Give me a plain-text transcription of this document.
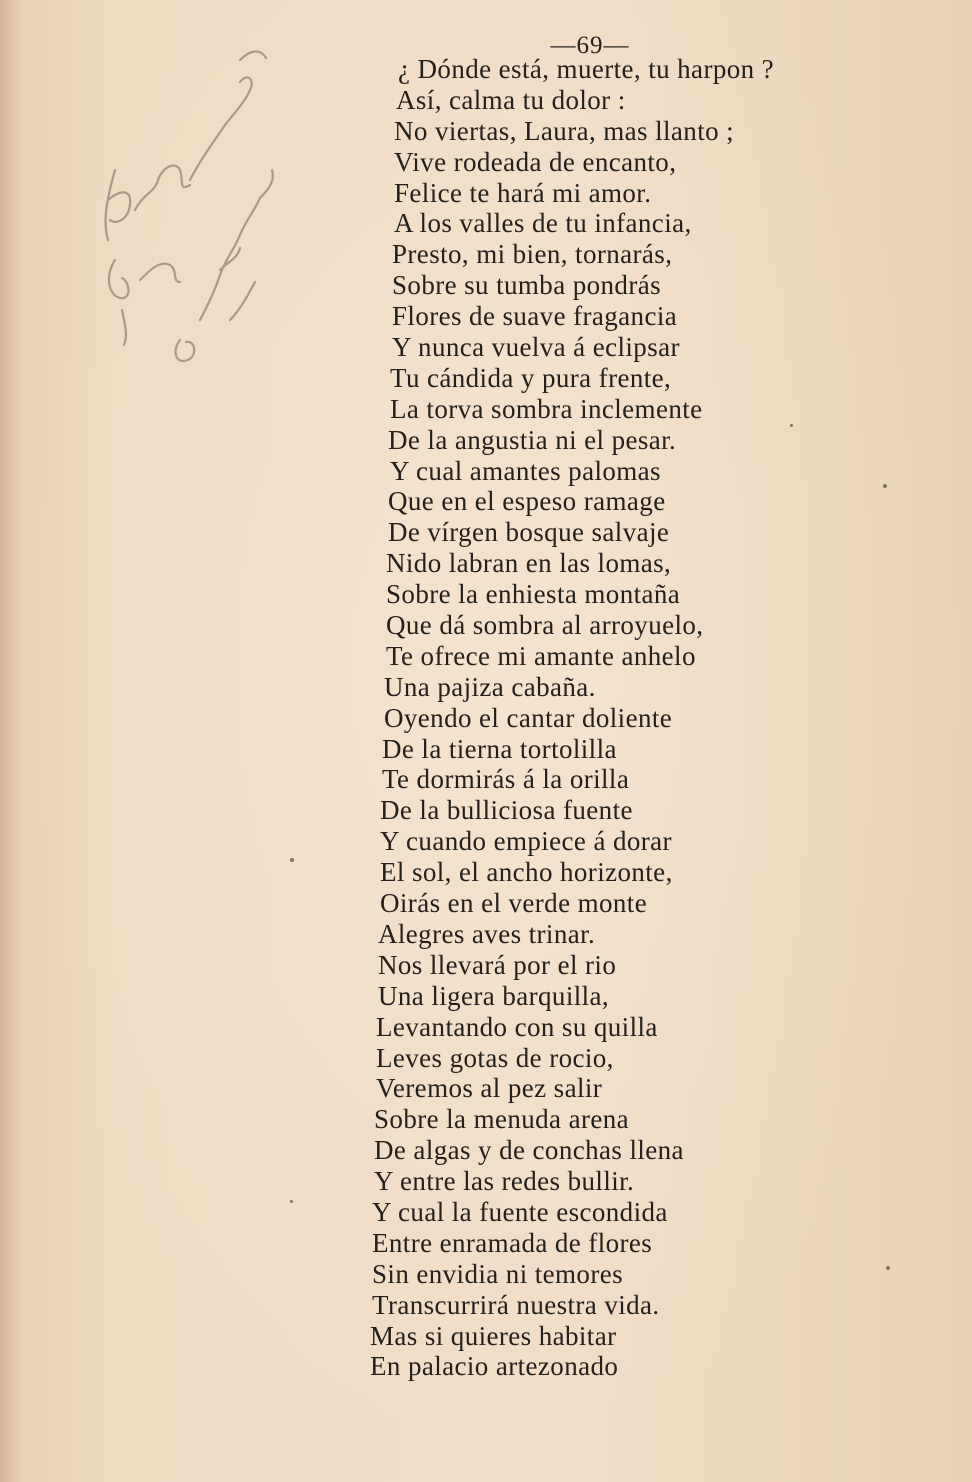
—69—
¿ Dónde está, muerte, tu harpon ?
Así, calma tu dolor :
No viertas, Laura, mas llanto ;
Vive rodeada de encanto,
Felice te hará mi amor.
A los valles de tu infancia,
Presto, mi bien, tornarás,
Sobre su tumba pondrás
Flores de suave fragancia
Y nunca vuelva á eclipsar
Tu cándida y pura frente,
La torva sombra inclemente
De la angustia ni el pesar.
Y cual amantes palomas
Que en el espeso ramage
De vírgen bosque salvaje
Nido labran en las lomas,
Sobre la enhiesta montaña
Que dá sombra al arroyuelo,
Te ofrece mi amante anhelo
Una pajiza cabaña.
Oyendo el cantar doliente
De la tierna tortolilla
Te dormirás á la orilla
De la bulliciosa fuente
Y cuando empiece á dorar
El sol, el ancho horizonte,
Oirás en el verde monte
Alegres aves trinar.
Nos llevará por el rio
Una ligera barquilla,
Levantando con su quilla
Leves gotas de rocio,
Veremos al pez salir
Sobre la menuda arena
De algas y de conchas llena
Y entre las redes bullir.
Y cual la fuente escondida
Entre enramada de flores
Sin envidia ni temores
Transcurrirá nuestra vida.
Mas si quieres habitar
En palacio artezonado
